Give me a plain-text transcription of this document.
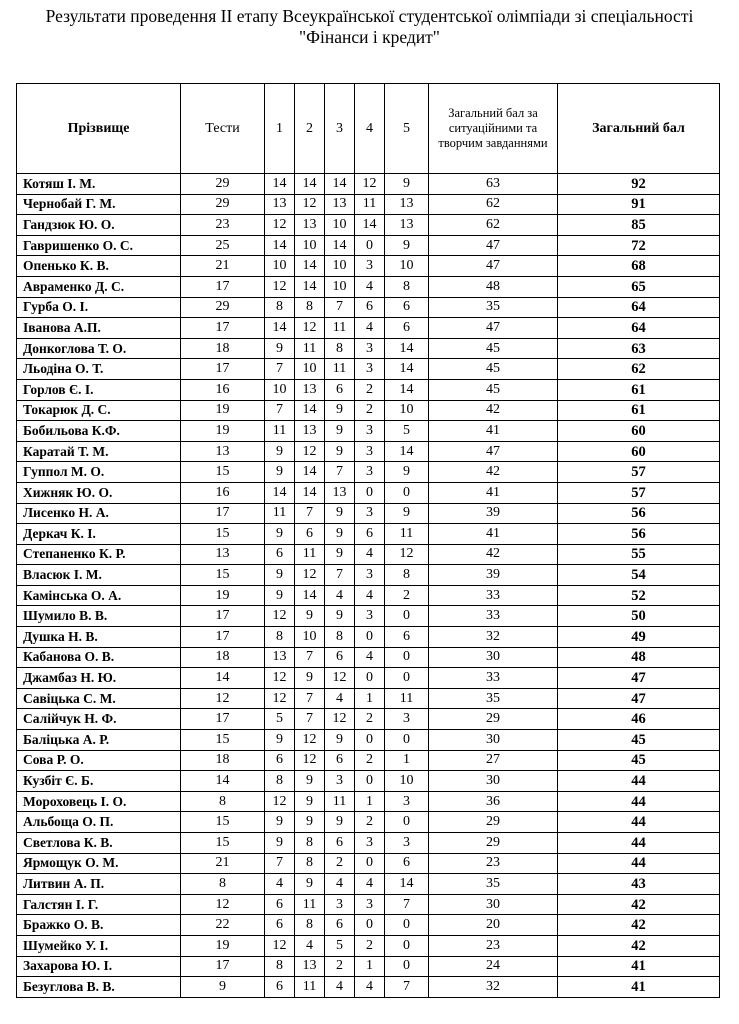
Результати проведення ІІ етапу Всеукраїнської студентської олімпіади зі спеціальності
"Фінанси і кредит"
Прізвище	Тести	1	2	3	4	5	Загальний бал за ситуаційними та творчим завданнями	Загальний бал
Котяш І. М.	29	14	14	14	12	9	63	92
Чернобай Г. М.	29	13	12	13	11	13	62	91
Гандзюк Ю. О.	23	12	13	10	14	13	62	85
Гавришенко О. С.	25	14	10	14	0	9	47	72
Опенько К. В.	21	10	14	10	3	10	47	68
Авраменко Д. С.	17	12	14	10	4	8	48	65
Гурба О. І.	29	8	8	7	6	6	35	64
Іванова А.П.	17	14	12	11	4	6	47	64
Донкоглова Т. О.	18	9	11	8	3	14	45	63
Льодіна О. Т.	17	7	10	11	3	14	45	62
Горлов Є. І.	16	10	13	6	2	14	45	61
Токарюк Д. С.	19	7	14	9	2	10	42	61
Бобильова К.Ф.	19	11	13	9	3	5	41	60
Каратай Т. М.	13	9	12	9	3	14	47	60
Гуппол М. О.	15	9	14	7	3	9	42	57
Хижняк Ю. О.	16	14	14	13	0	0	41	57
Лисенко Н. А.	17	11	7	9	3	9	39	56
Деркач К. І.	15	9	6	9	6	11	41	56
Степаненко К. Р.	13	6	11	9	4	12	42	55
Власюк І. М.	15	9	12	7	3	8	39	54
Камінська О. А.	19	9	14	4	4	2	33	52
Шумило В. В.	17	12	9	9	3	0	33	50
Душка Н. В.	17	8	10	8	0	6	32	49
Кабанова О. В.	18	13	7	6	4	0	30	48
Джамбаз Н. Ю.	14	12	9	12	0	0	33	47
Савіцька С. М.	12	12	7	4	1	11	35	47
Салійчук Н. Ф.	17	5	7	12	2	3	29	46
Баліцька А. Р.	15	9	12	9	0	0	30	45
Сова Р. О.	18	6	12	6	2	1	27	45
Кузбіт Є. Б.	14	8	9	3	0	10	30	44
Мороховець І. О.	8	12	9	11	1	3	36	44
Альбоща О. П.	15	9	9	9	2	0	29	44
Светлова К. В.	15	9	8	6	3	3	29	44
Ярмощук О. М.	21	7	8	2	0	6	23	44
Литвин А. П.	8	4	9	4	4	14	35	43
Галстян І. Г.	12	6	11	3	3	7	30	42
Бражко О. В.	22	6	8	6	0	0	20	42
Шумейко У. І.	19	12	4	5	2	0	23	42
Захарова Ю. І.	17	8	13	2	1	0	24	41
Безуглова В. В.	9	6	11	4	4	7	32	41
